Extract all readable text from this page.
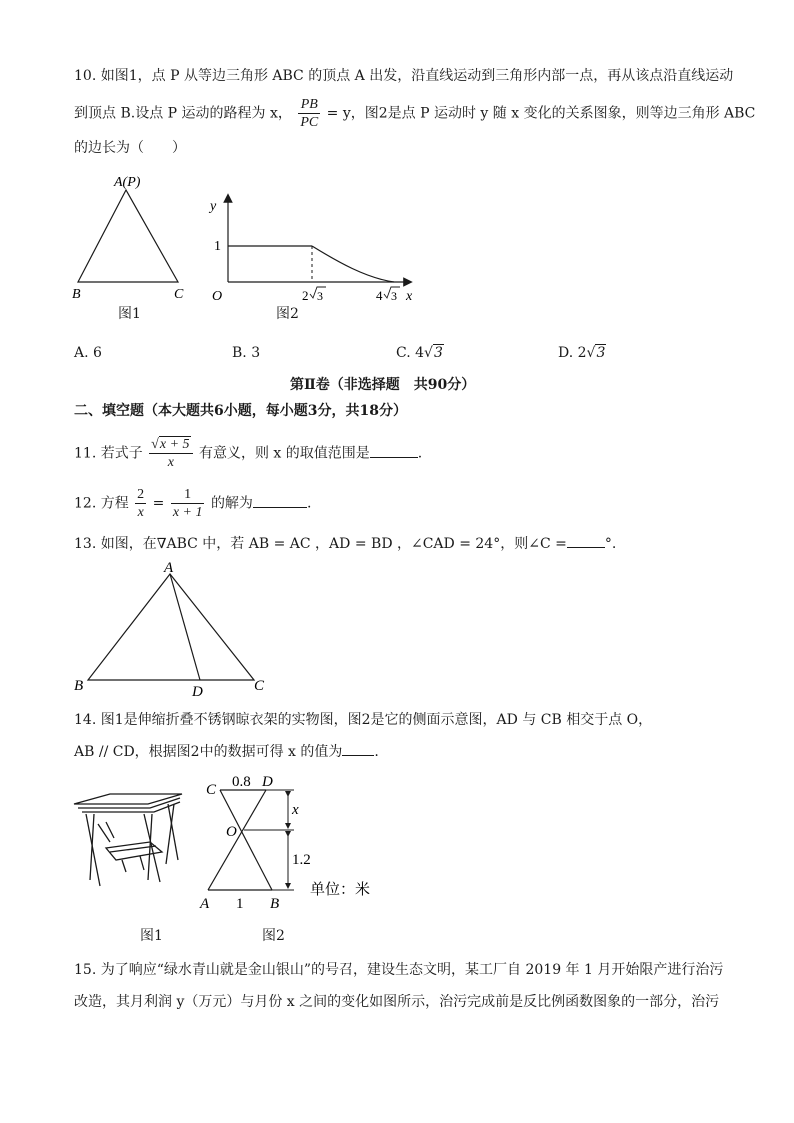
10. 如图1，点 P 从等边三角形 ABC 的顶点 A 出发，沿直线运动到三角形内部一点，再从该点沿直线运动
到顶点 B.设点 P 运动的路程为 x， $\frac{PB}{PC} = y$，图2是点 P 运动时 y 随 x 变化的关系图象，则等边三角形 ABC
的边长为（　　）
A(P)
B	C
图1
y
1
O	2 3	4 3 x
图2
A. 6	B. 3	C. 4√3	D. 2√3
第Ⅱ卷（非选择题　共90分）
二、填空题（本大题共6小题，每小题3分，共18分）
11. 若式子 $\frac{√x + 5}{x}$ 有意义，则 x 的取值范围是	.
12. 方程 $\frac{2}{x} = \frac{1}{x + 1}$ 的解为	.
13. 如图，在∇ABC 中，若 AB = AC ，AD = BD ，∠CAD = 24°，则∠C =	°.
A
B	D	C
14. 图1是伸缩折叠不锈钢晾衣架的实物图，图2是它的侧面示意图，AD 与 CB 相交于点 O，
AB // CD，根据图2中的数据可得 x 的值为 .
图1
C 0.8 D
O
x
1.2
单位：米
A 1 B
图2
15. 为了响应“绿水青山就是金山银山”的号召，建设生态文明，某工厂自 2019 年 1 月开始限产进行治污
改造，其月利润 y（万元）与月份 x 之间的变化如图所示，治污完成前是反比例函数图象的一部分，治污
